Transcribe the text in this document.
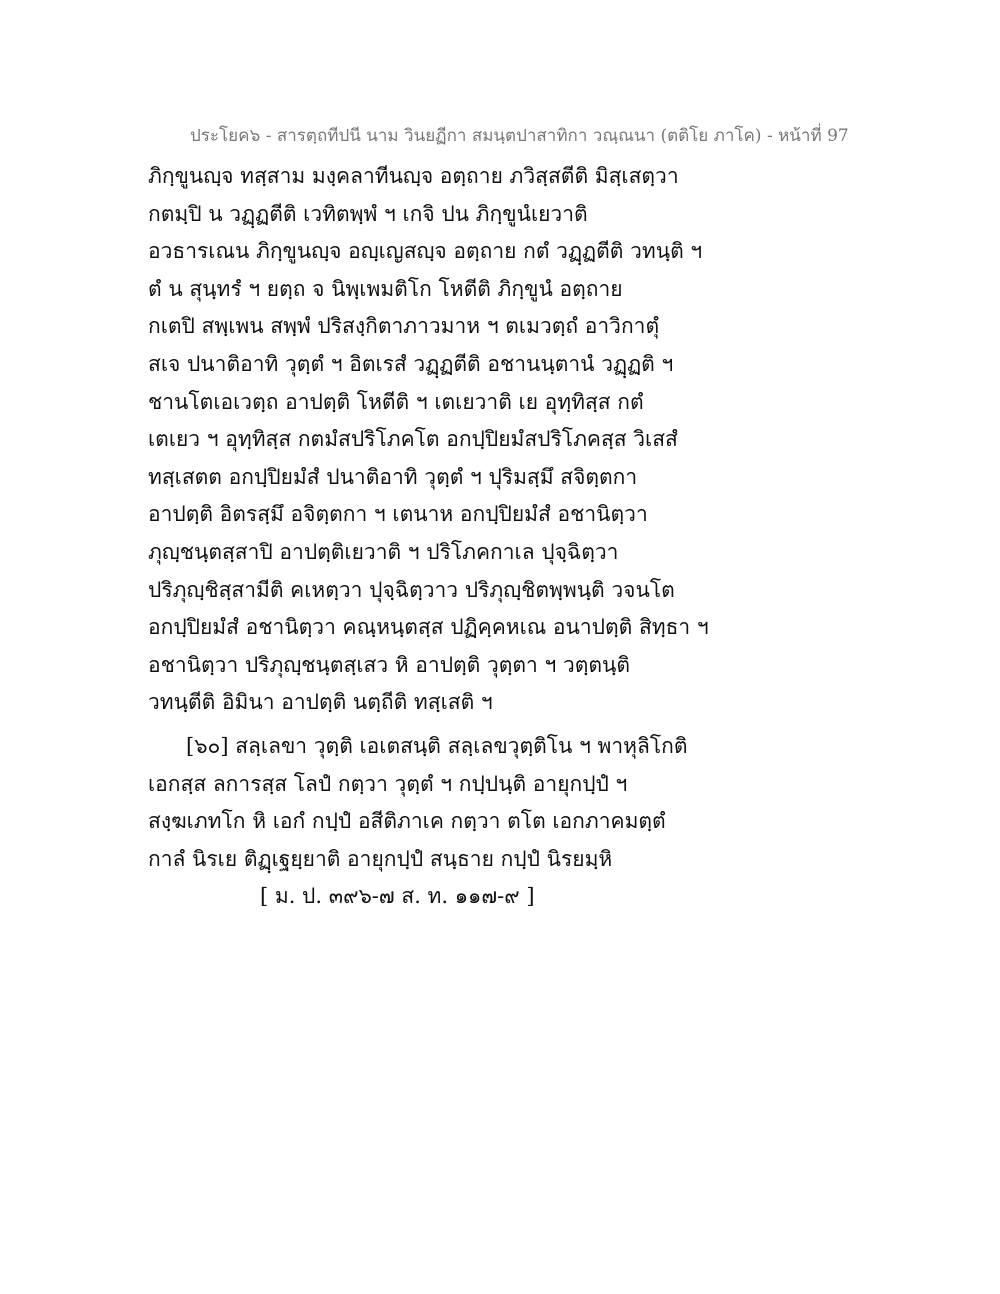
ประโยค๖ - สารตฺถทีปนี นาม วินยฏีกา สมนฺตปาสาทิกา วณฺณนา (ตติโย ภาโค) - หน้าที่ 97
ภิกฺขูนญฺจ ทสฺสาม มงฺคลาทีนญฺจ อตฺถาย ภวิสฺสตีติ มิสฺเสตฺวา
กตมฺปิ น วฏฺฏตีติ เวทิตพฺพํ ฯ เกจิ ปน ภิกฺขูนํเยวาติ
อวธารเณน ภิกฺขูนญฺจ อญฺเญสญฺจ อตฺถาย กตํ วฏฺฏตีติ วทนฺติ ฯ
ตํ น สุนฺทรํ ฯ ยตฺถ จ นิพฺเพมติโก โหตีติ ภิกฺขูนํ อตฺถาย
กเตปิ สพฺเพน สพฺพํ ปริสงฺกิตาภาวมาห ฯ ตเมวตฺถํ อาวิกาตุํ
สเจ ปนาติอาทิ วุตฺตํ ฯ อิตเรสํ วฏฺฏตีติ อชานนฺตานํ วฏฺฏติ ฯ
ชานโตเอเวตฺถ อาปตฺติ โหตีติ ฯ เตเยวาติ เย อุทฺทิสฺส กตํ
เตเยว ฯ อุทฺทิสฺส กตมํสปริโภคโต อกปฺปิยมํสปริโภคสฺส วิเสสํ
ทสฺเสตต อกปฺปิยมํสํ ปนาติอาทิ วุตฺตํ ฯ ปุริมสฺมึ สจิตฺตกา
อาปตฺติ อิตรสฺมึ อจิตฺตกา ฯ เตนาห อกปฺปิยมํสํ อชานิตฺวา
ภุญฺชนฺตสฺสาปิ อาปตฺติเยวาติ ฯ ปริโภคกาเล ปุจฺฉิตฺวา
ปริภุญฺชิสฺสามีติ คเหตฺวา ปุจฺฉิตฺวาว ปริภุญฺชิตพฺพนฺติ วจนโต
อกปฺปิยมํสํ อชานิตฺวา คณฺหนฺตสฺส ปฏิคฺคหเณ อนาปตฺติ สิทฺธา ฯ
อชานิตฺวา ปริภุญฺชนฺตสฺเสว หิ อาปตฺติ วุตฺตา ฯ วตฺตนฺติ
วทนฺตีติ อิมินา อาปตฺติ นตฺถีติ ทสฺเสติ ฯ
[๖๐] สลฺเลขา วุตฺติ เอเตสนฺติ สลฺเลขวุตฺติโน ฯ พาหุลิโกติ
เอกสฺส ลการสฺส โลปํ กตฺวา วุตฺตํ ฯ กปฺปนฺติ อายุกปฺปํ ฯ
สงฺฆเภทโก หิ เอกํ กปฺปํ อสีติภาเค กตฺวา ตโต เอกภาคมตฺตํ
กาลํ นิรเย ติฏฺเฐยฺยาติ อายุกปฺปํ สนฺธาย กปฺปํ นิรยมฺหิ
[ ม. ป. ๓๙๖-๗ ส. ท. ๑๑๗-๙ ]
